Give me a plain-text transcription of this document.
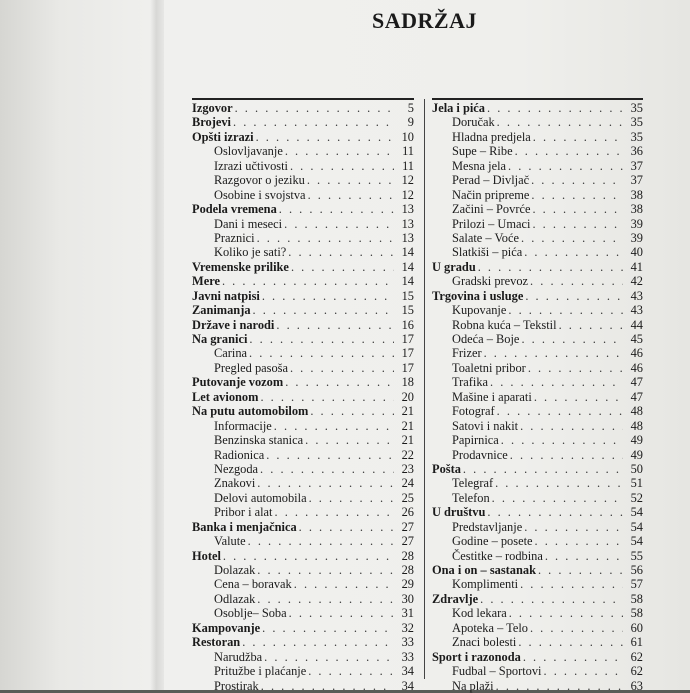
SADRŽAJ
Izgovor . . .	5
Brojevi . . .	9
Opšti izrazi . . .	10
Oslovljavanje . . .	11
Izrazi učtivosti . . .	11
Razgovor o jeziku . . .	12
Osobine i svojstva . . .	12
Podela vremena . . .	13
Dani i meseci . . .	13
Praznici . . .	13
Koliko je sati? . . .	14
Vremenske prilike . . .	14
Mere . . .	14
Javni natpisi . . .	15
Zanimanja . . .	15
Države i narodi . . .	16
Na granici . . .	17
Carina . . .	17
Pregled pasoša . . .	17
Putovanje vozom . . .	18
Let avionom . . .	20
Na putu automobilom . . .	21
Informacije . . .	21
Benzinska stanica . . .	21
Radionica . . .	22
Nezgoda . . .	23
Znakovi . . .	24
Delovi automobila . . .	25
Pribor i alat . . .	26
Banka i menjačnica . . .	27
Valute . . .	27
Hotel . . .	28
Dolazak . . .	28
Cena – boravak . . .	29
Odlazak . . .	30
Osoblje– Soba . . .	31
Kampovanje . . .	32
Restoran . . .	33
Narudžba . . .	33
Pritužbe i plaćanje . . .	34
Prostirak . . .	34
Jela i pića . . .	35
Doručak . . .	35
Hladna predjela . . .	35
Supe – Ribe . . .	36
Mesna jela . . .	37
Perad – Divljač . . .	37
Način pripreme . . .	38
Začini – Povrće . . .	38
Prilozi – Umaci . . .	39
Salate – Voće . . .	39
Slatkiši – pića . . .	40
U gradu . . .	41
Gradski prevoz . . .	42
Trgovina i usluge . . .	43
Kupovanje . . .	43
Robna kuća – Tekstil . . .	44
Odeća – Boje . . .	45
Frizer . . .	46
Toaletni pribor . . .	46
Trafika . . .	47
Mašine i aparati . . .	47
Fotograf . . .	48
Satovi i nakit . . .	48
Papirnica . . .	49
Prodavnice . . .	49
Pošta . . .	50
Telegraf . . .	51
Telefon . . .	52
U društvu . . .	54
Predstavljanje . . .	54
Godine – posete . . .	54
Čestitke – rodbina . . .	55
Ona i on – sastanak . . .	56
Komplimenti . . .	57
Zdravlje . . .	58
Kod lekara . . .	58
Apoteka – Telo . . .	60
Znaci bolesti . . .	61
Sport i razonoda . . .	62
Fudbal – Sportovi . . .	62
Na plaži . . .	63
